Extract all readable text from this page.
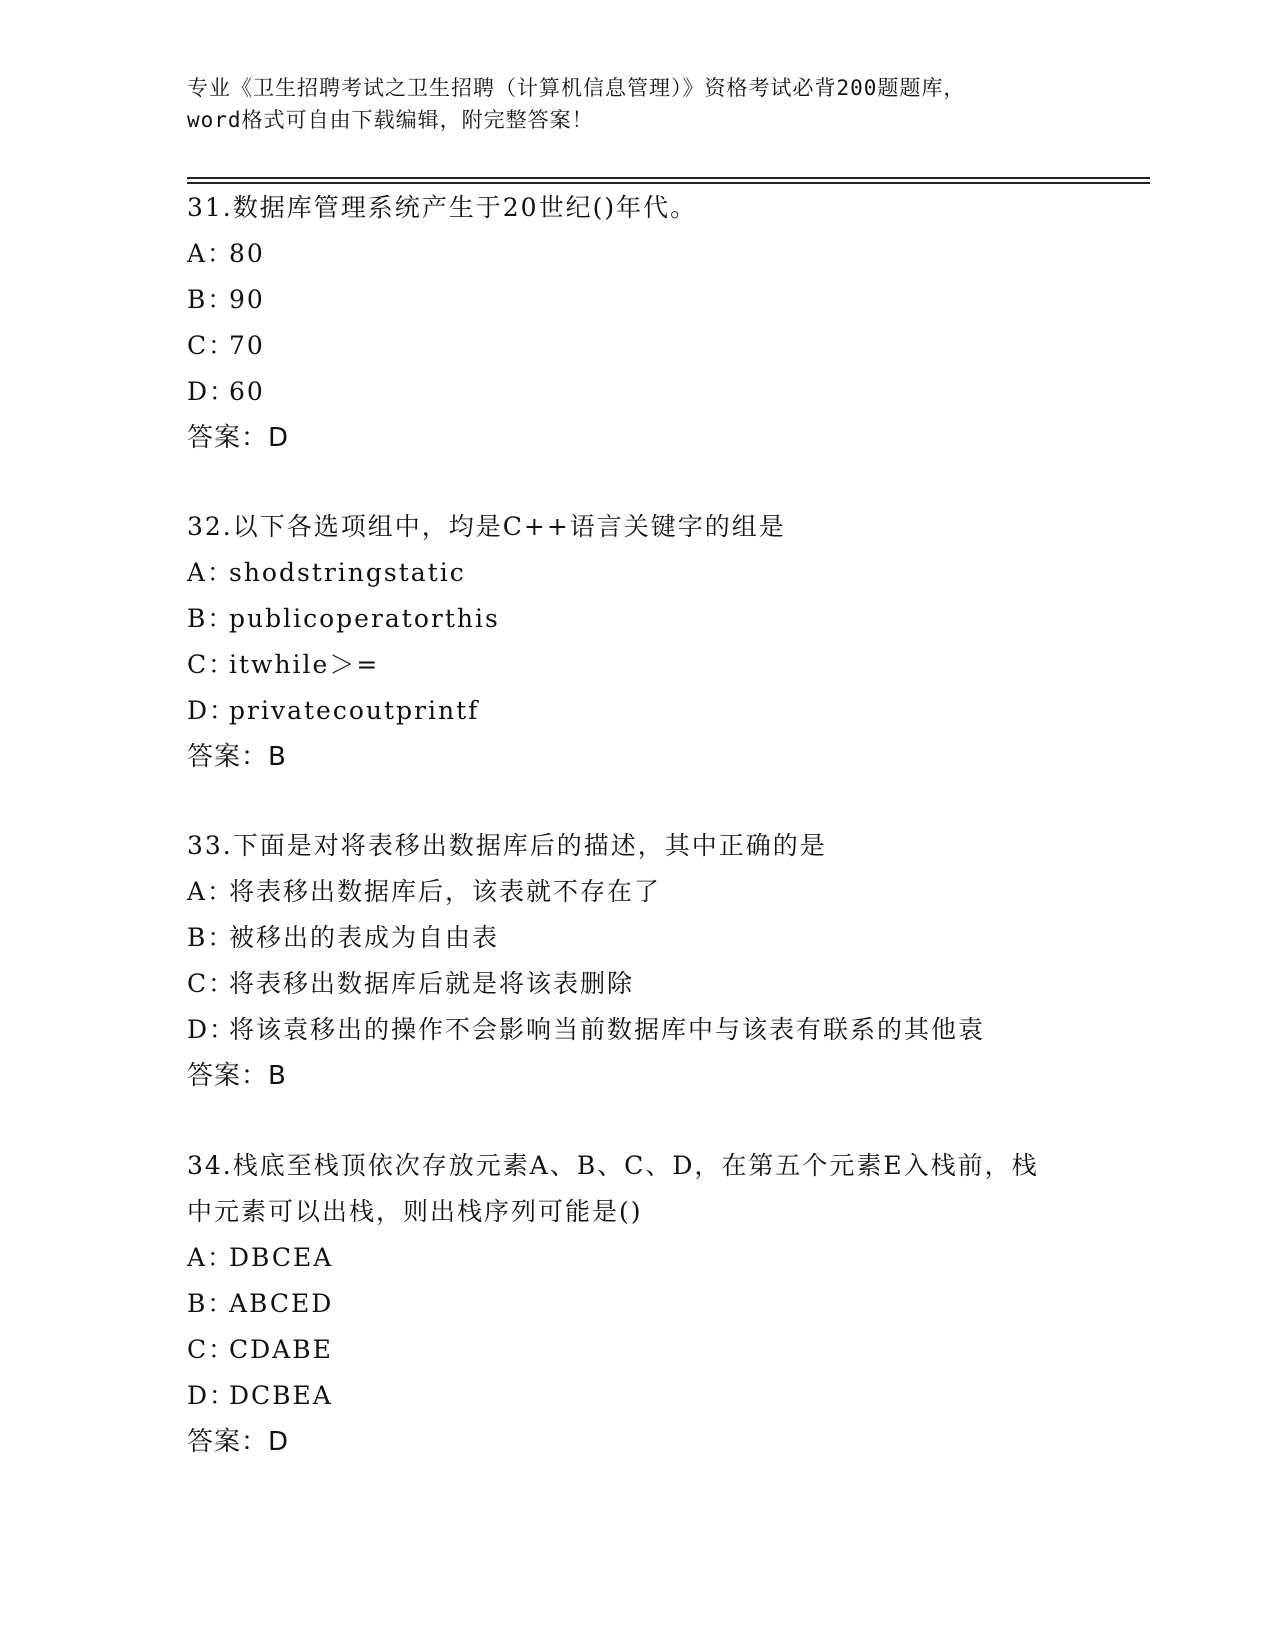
专业《卫生招聘考试之卫生招聘（计算机信息管理）》资格考试必背200题题库，
word格式可自由下载编辑，附完整答案！
31.数据库管理系统产生于20世纪()年代。
A：80
B：90
C：70
D：60
答案：D
32.以下各选项组中，均是C++语言关键字的组是
A：shodstringstatic
B：publicoperatorthis
C：itwhile＞=
D：privatecoutprintf
答案：B
33.下面是对将表移出数据库后的描述，其中正确的是
A：将表移出数据库后，该表就不存在了
B：被移出的表成为自由表
C：将表移出数据库后就是将该表删除
D：将该袁移出的操作不会影响当前数据库中与该表有联系的其他袁
答案：B
34.栈底至栈顶依次存放元素A、B、C、D，在第五个元素E入栈前，栈
中元素可以出栈，则出栈序列可能是()
A：DBCEA
B：ABCED
C：CDABE
D：DCBEA
答案：D
